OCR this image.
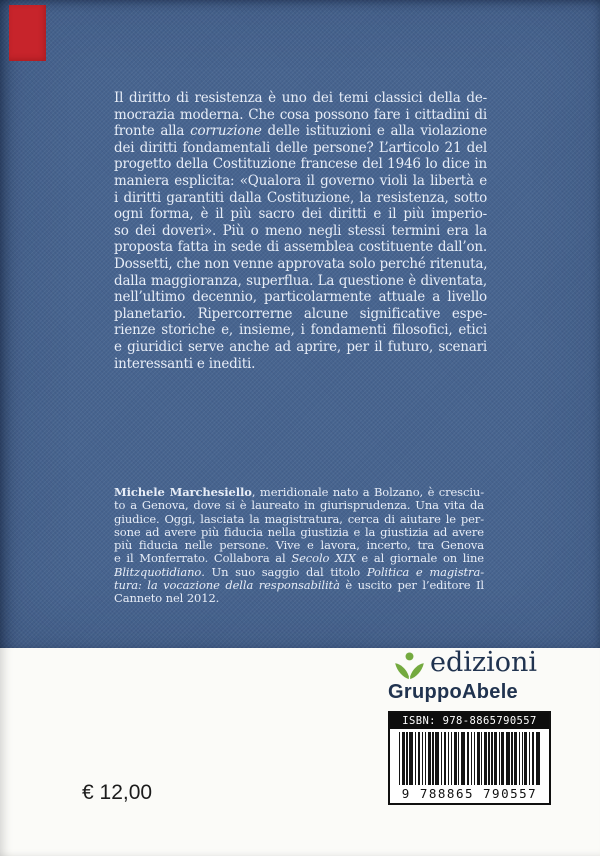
Il diritto di resistenza è uno dei temi classici della de-
mocrazia moderna. Che cosa possono fare i cittadini di
fronte alla corruzione delle istituzioni e alla violazione
dei diritti fondamentali delle persone? L’articolo 21 del
progetto della Costituzione francese del 1946 lo dice in
maniera esplicita: «Qualora il governo violi la libertà e
i diritti garantiti dalla Costituzione, la resistenza, sotto
ogni forma, è il più sacro dei diritti e il più imperio-
so dei doveri». Più o meno negli stessi termini era la
proposta fatta in sede di assemblea costituente dall’on.
Dossetti, che non venne approvata solo perché ritenuta,
dalla maggioranza, superflua. La questione è diventata,
nell’ultimo decennio, particolarmente attuale a livello
planetario. Ripercorrerne alcune significative espe-
rienze storiche e, insieme, i fondamenti filosofici, etici
e giuridici serve anche ad aprire, per il futuro, scenari
interessanti e inediti.
Michele Marchesiello, meridionale nato a Bolzano, è cresciu-
to a Genova, dove si è laureato in giurisprudenza. Una vita da
giudice. Oggi, lasciata la magistratura, cerca di aiutare le per-
sone ad avere più fiducia nella giustizia e la giustizia ad avere
più fiducia nelle persone. Vive e lavora, incerto, tra Genova
e il Monferrato. Collabora al Secolo XIX e al giornale on line
Blitzquotidiano. Un suo saggio dal titolo Politica e magistra-
tura: la vocazione della responsabilità è uscito per l’editore Il
Canneto nel 2012.
edizioni
GruppoAbele
ISBN: 978-8865790557
9 788865 790557
€ 12,00
